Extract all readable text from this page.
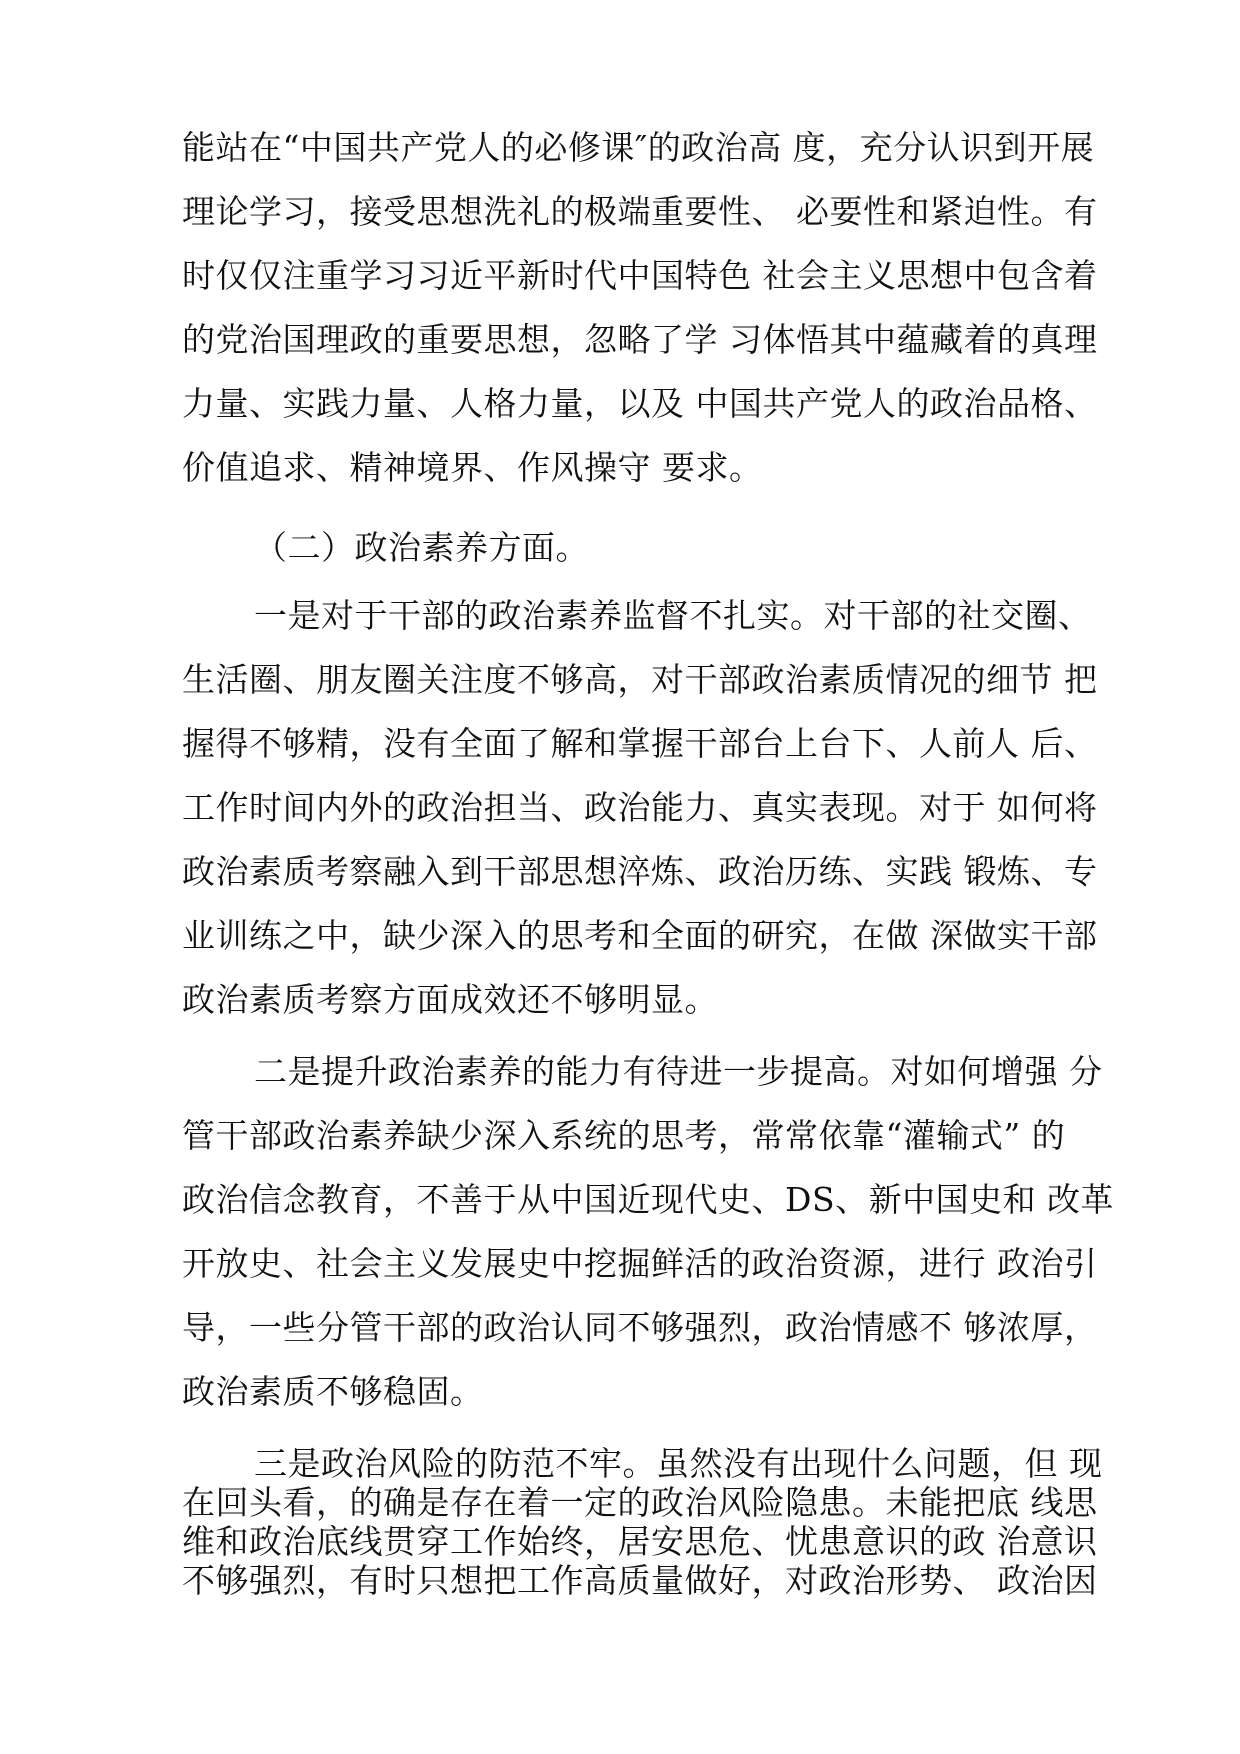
能站在“中国共产党人的必修课″的政治高 度，充分认识到开展
理论学习，接受思想洗礼的极端重要性、 必要性和紧迫性。有
时仅仅注重学习习近平新时代中国特色 社会主义思想中包含着
的党治国理政的重要思想，忽略了学 习体悟其中蕴藏着的真理
力量、实践力量、人格力量，以及 中国共产党人的政治品格、
价值追求、精神境界、作风操守 要求。
（二）政治素养方面。
一是对于干部的政治素养监督不扎实。对干部的社交圈、
生活圈、朋友圈关注度不够高，对干部政治素质情况的细节 把
握得不够精，没有全面了解和掌握干部台上台下、人前人 后、
工作时间内外的政治担当、政治能力、真实表现。对于 如何将
政治素质考察融入到干部思想淬炼、政治历练、实践 锻炼、专
业训练之中，缺少深入的思考和全面的研究，在做 深做实干部
政治素质考察方面成效还不够明显。
二是提升政治素养的能力有待进一步提高。对如何增强 分
管干部政治素养缺少深入系统的思考，常常依靠“灌输式” 的
政治信念教育，不善于从中国近现代史、DS、新中国史和 改革
开放史、社会主义发展史中挖掘鲜活的政治资源，进行 政治引
导，一些分管干部的政治认同不够强烈，政治情感不 够浓厚，
政治素质不够稳固。
三是政治风险的防范不牢。虽然没有出现什么问题，但 现
在回头看，的确是存在着一定的政治风险隐患。未能把底 线思
维和政治底线贯穿工作始终，居安思危、忧患意识的政 治意识
不够强烈，有时只想把工作高质量做好，对政治形势、 政治因
